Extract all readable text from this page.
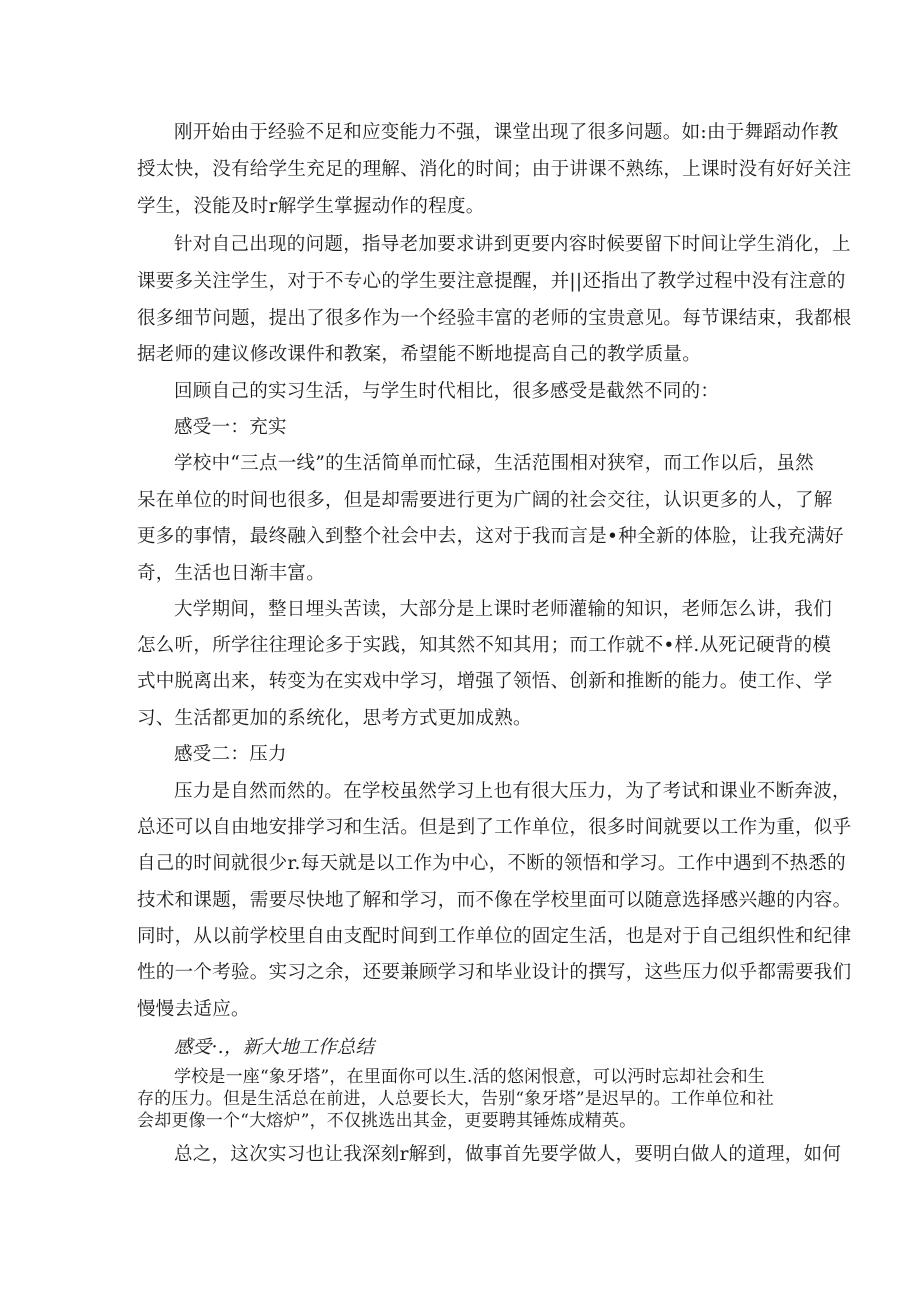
刚开始由于经验不足和应变能力不强，课堂出现了很多问题。如:由于舞蹈动作教
授太快，没有给学生充足的理解、消化的时间；由于讲课不熟练，上课时没有好好关注
学生，没能及时r解学生掌握动作的程度。
针对自己出现的问题，指导老加要求讲到更要内容时候要留下时间让学生消化，上
课要多关注学生，对于不专心的学生要注意提醒，并||还指出了教学过程中没有注意的
很多细节问题，提出了很多作为一个经验丰富的老师的宝贵意见。每节课结束，我都根
据老师的建议修改课件和教案，希望能不断地提高自己的教学质量。
回顾自己的实习生活，与学生时代相比，很多感受是截然不同的：
感受一：充实
学校中“三点一线”的生活简单而忙碌，生活范围相对狭窄，而工作以后，虽然
呆在单位的时间也很多，但是却需要进行更为广阔的社会交往，认识更多的人，了解
更多的事情，最终融入到整个社会中去，这对于我而言是•种全新的体脸，让我充满好
奇，生活也日渐丰富。
大学期间，整日埋头苦读，大部分是上课时老师灌输的知识，老师怎么讲，我们
怎么听，所学往往理论多于实践，知其然不知其用；而工作就不•样.从死记硬背的模
式中脱离出来，转变为在实戏中学习，增强了领悟、创新和推断的能力。使工作、学
习、生活都更加的系统化，思考方式更加成熟。
感受二：压力
压力是自然而然的。在学校虽然学习上也有很大压力，为了考试和课业不断奔波，
总还可以自由地安排学习和生活。但是到了工作单位，很多时间就要以工作为重，似乎
自己的时间就很少r.每天就是以工作为中心，不断的领悟和学习。工作中遇到不热悉的
技术和课题，需要尽快地了解和学习，而不像在学校里面可以随意选择感兴趣的内容。
同时，从以前学校里自由支配时间到工作单位的固定生活，也是对于自己组织性和纪律
性的一个考验。实习之余，还要兼顾学习和毕业设计的撰写，这些压力似乎都需要我们
慢慢去适应。
感受·.，新大地工作总结
学校是一座“象牙塔”，在里面你可以生.活的悠闲恨意，可以沔时忘却社会和生
存的压力。但是生活总在前进，人总要长大，告别“象牙塔”是迟早的。工作单位和社
会却更像一个“大熔炉”，不仅挑选出其金，更要聘其锤炼成精英。
总之，这次实习也让我深刻r解到，做事首先要学做人，要明白做人的道理，如何
